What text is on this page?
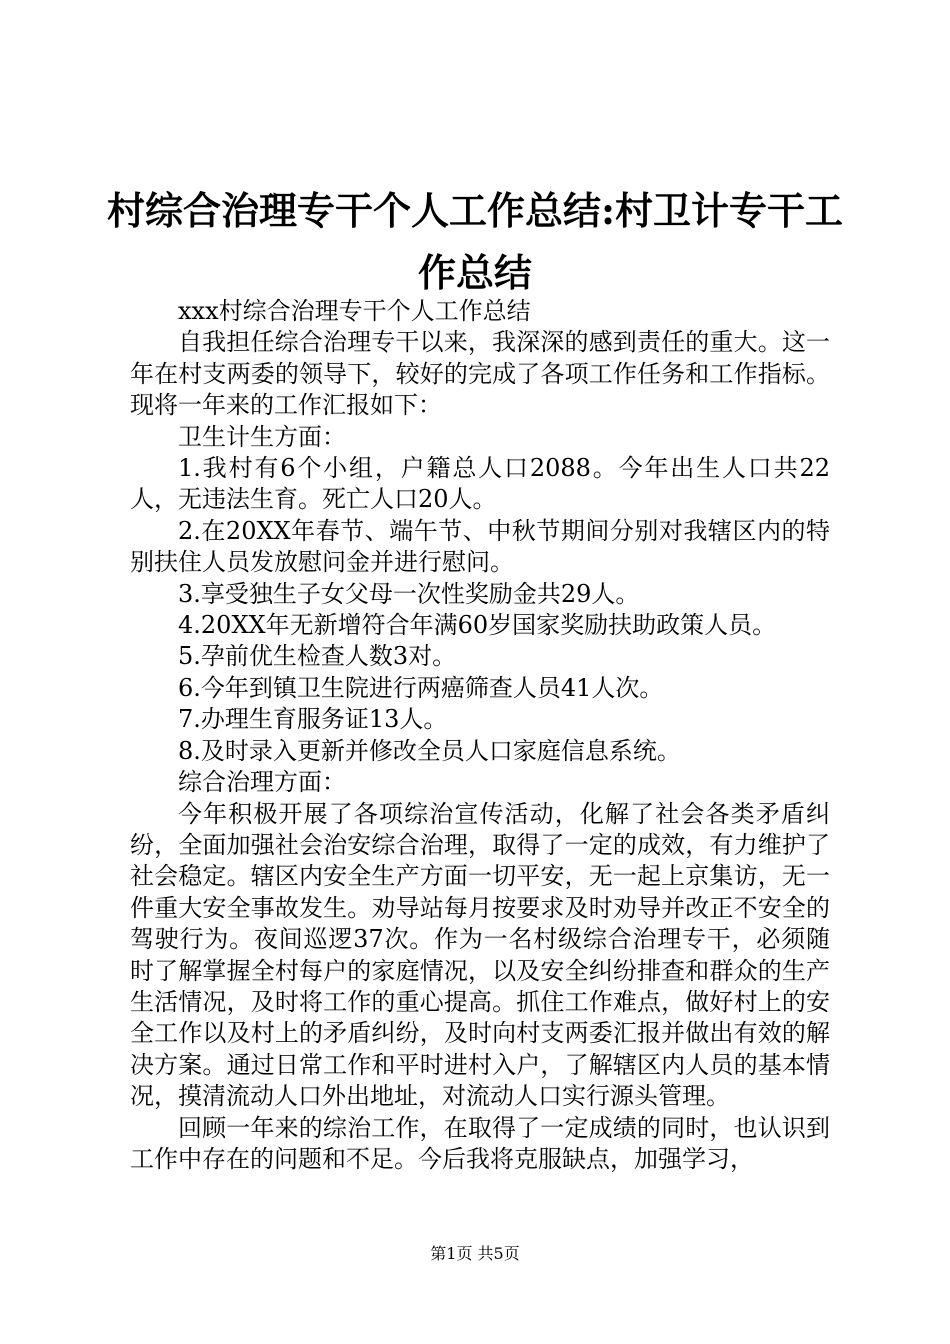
村综合治理专干个人工作总结:村卫计专干工作总结

xxx村综合治理专干个人工作总结

自我担任综合治理专干以来，我深深的感到责任的重大。这一年在村支两委的领导下，较好的完成了各项工作任务和工作指标。现将一年来的工作汇报如下：

卫生计生方面：

1.我村有6个小组，户籍总人口2088。今年出生人口共22人，无违法生育。死亡人口20人。

2.在20XX年春节、端午节、中秋节期间分别对我辖区内的特别扶住人员发放慰问金并进行慰问。

3.享受独生子女父母一次性奖励金共29人。

4.20XX年无新增符合年满60岁国家奖励扶助政策人员。

5.孕前优生检查人数3对。

6.今年到镇卫生院进行两癌筛查人员41人次。

7.办理生育服务证13人。

8.及时录入更新并修改全员人口家庭信息系统。

综合治理方面：

今年积极开展了各项综治宣传活动，化解了社会各类矛盾纠纷，全面加强社会治安综合治理，取得了一定的成效，有力维护了社会稳定。辖区内安全生产方面一切平安，无一起上京集访，无一件重大安全事故发生。劝导站每月按要求及时劝导并改正不安全的驾驶行为。夜间巡逻37次。作为一名村级综合治理专干，必须随时了解掌握全村每户的家庭情况，以及安全纠纷排查和群众的生产生活情况，及时将工作的重心提高。抓住工作难点，做好村上的安全工作以及村上的矛盾纠纷，及时向村支两委汇报并做出有效的解决方案。通过日常工作和平时进村入户，了解辖区内人员的基本情况，摸清流动人口外出地址，对流动人口实行源头管理。

回顾一年来的综治工作，在取得了一定成绩的同时，也认识到工作中存在的问题和不足。今后我将克服缺点，加强学习，

第1页 共5页
